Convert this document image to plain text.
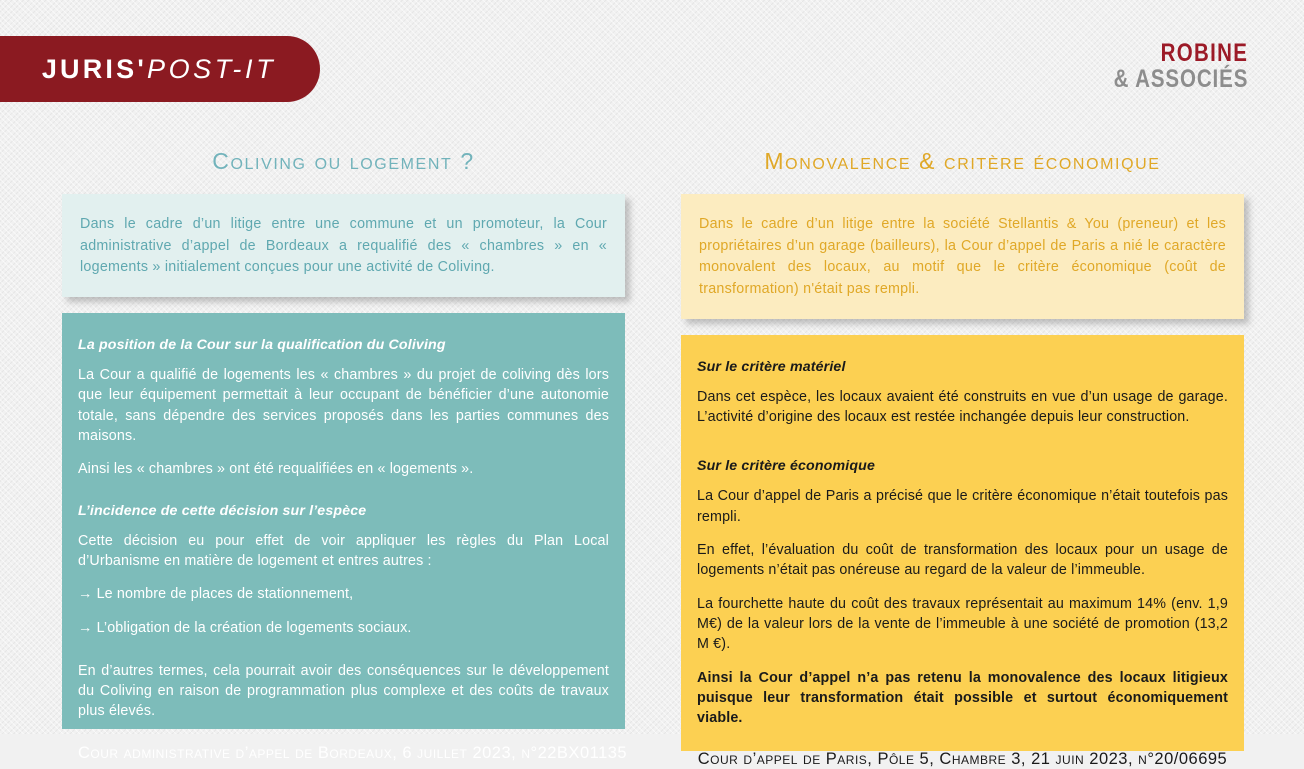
JURIS'POST-IT
ROBINE
& ASSOCIÉS
Coliving ou logement ?
Dans le cadre d’un litige entre une commune et un promoteur, la Cour administrative d’appel de Bordeaux a requalifié des « chambres » en « logements » initialement conçues pour une activité de Coliving.
La position de la Cour sur la qualification du Coliving
La Cour a qualifié de logements les « chambres » du projet de coliving dès lors que leur équipement permettait à leur occupant de bénéficier d’une autonomie totale, sans dépendre des services proposés dans les parties communes des maisons.
Ainsi les « chambres » ont été requalifiées en « logements ».
L’incidence de cette décision sur l’espèce
Cette décision eu pour effet de voir appliquer les règles du Plan Local d’Urbanisme en matière de logement et entres autres :
→ Le nombre de places de stationnement,
→ L’obligation de la création de logements sociaux.
En d’autres termes, cela pourrait avoir des conséquences sur le développement du Coliving en raison de programmation plus complexe et des coûts de travaux plus élevés.
Cour administrative d’appel de Bordeaux, 6 juillet 2023, n°22BX01135
Monovalence & critère économique
Dans le cadre d’un litige entre la société Stellantis & You (preneur) et les propriétaires d’un garage (bailleurs), la Cour d’appel de Paris a nié le caractère monovalent des locaux, au motif que le critère économique (coût de transformation) n'était pas rempli.
Sur le critère matériel
Dans cet espèce, les locaux avaient été construits en vue d’un usage de garage. L’activité d’origine des locaux est restée inchangée depuis leur construction.
Sur le critère économique
La Cour d’appel de Paris a précisé que le critère économique n’était toutefois pas rempli.
En effet, l’évaluation du coût de transformation des locaux pour un usage de logements n’était pas onéreuse au regard de la valeur de l’immeuble.
La fourchette haute du coût des travaux représentait au maximum 14% (env. 1,9 M€) de la valeur lors de la vente de l’immeuble à une société de promotion (13,2 M €).
Ainsi la Cour d’appel n’a pas retenu la monovalence des locaux litigieux puisque leur transformation était possible et surtout économiquement viable.
Cour d’appel de Paris, Pôle 5, Chambre 3, 21 juin 2023, n°20/06695
